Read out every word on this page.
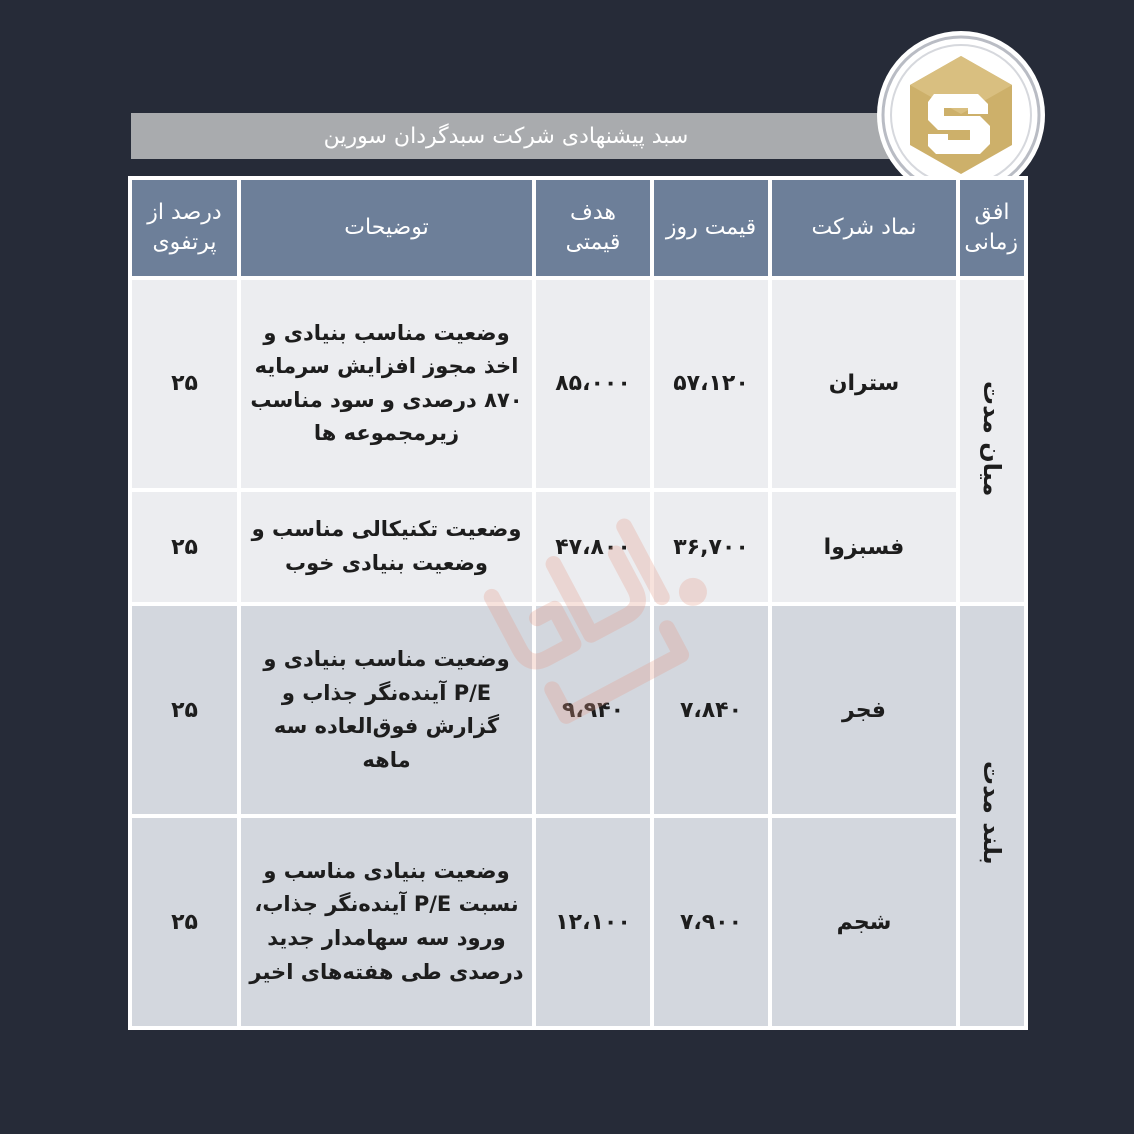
سبد پیشنهادی شرکت سبدگردان سورین
افق زمانی	نماد شرکت	قیمت روز	هدف قیمتی	توضیحات	درصد از پرتفوی
میان مدت	ستران	۵۷،۱۲۰	۸۵،۰۰۰	وضعیت مناسب بنیادی و اخذ مجوز افزایش سرمایه ۸۷۰ درصدی و سود مناسب زیرمجموعه ها	۲۵
	فسبزوا	۳۶,۷۰۰	۴۷،۸۰۰	وضعیت تکنیکالی مناسب و وضعیت بنیادی خوب	۲۵
بلند مدت	فجر	۷،۸۴۰	۹،۹۴۰	وضعیت مناسب بنیادی و P/E آینده‌نگر جذاب و گزارش فوق‌العاده سه ماهه	۲۵
	شجم	۷،۹۰۰	۱۲،۱۰۰	وضعیت بنیادی مناسب و نسبت P/E آینده‌نگر جذاب، ورود سه سهامدار جدید درصدی طی هفته‌های اخیر	۲۵
